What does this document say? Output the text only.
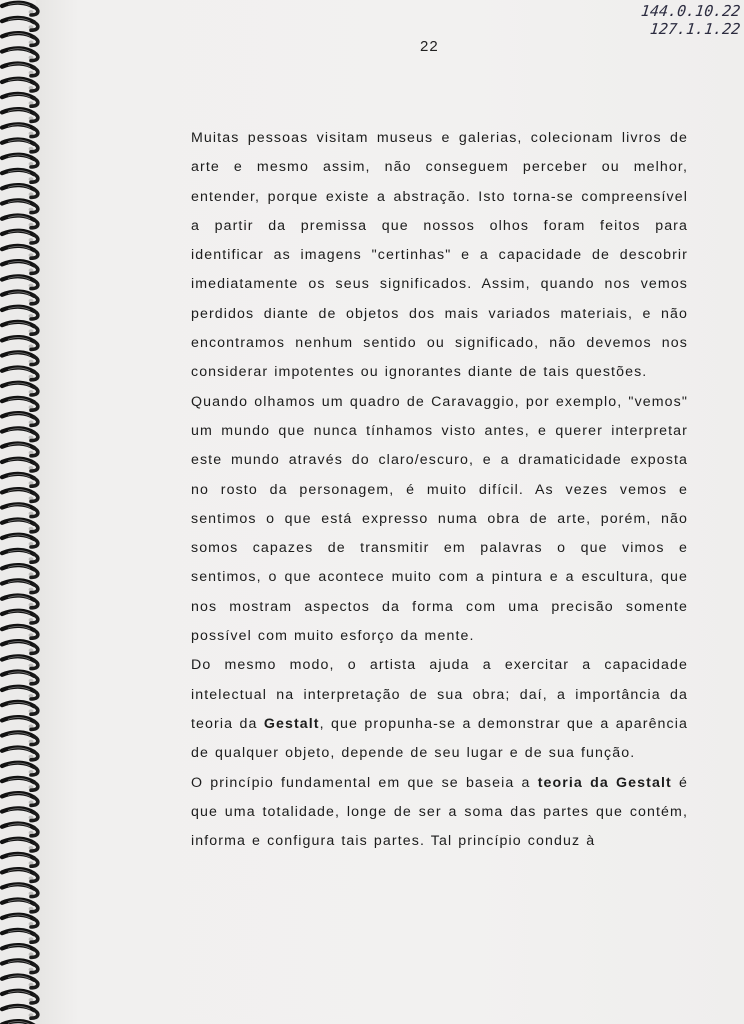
22

Muitas pessoas visitam museus e galerias, colecionam livros de arte e mesmo assim, não conseguem perceber ou melhor, entender, porque existe a abstração. Isto torna-se compreensível a partir da premissa que nossos olhos foram feitos para identificar as imagens "certinhas" e a capacidade de descobrir imediatamente os seus significados. Assim, quando nos vemos perdidos diante de objetos dos mais variados materiais, e não encontramos nenhum sentido ou significado, não devemos nos considerar impotentes ou ignorantes diante de tais questões.

Quando olhamos um quadro de Caravaggio, por exemplo, "vemos" um mundo que nunca tínhamos visto antes, e querer interpretar este mundo através do claro/escuro, e a dramaticidade exposta no rosto da personagem, é muito difícil. As vezes vemos e sentimos o que está expresso numa obra de arte, porém, não somos capazes de transmitir em palavras o que vimos e sentimos, o que acontece muito com a pintura e a escultura, que nos mostram aspectos da forma com uma precisão somente possível com muito esforço da mente.

Do mesmo modo, o artista ajuda a exercitar a capacidade intelectual na interpretação de sua obra; daí, a importância da teoria da Gestalt, que propunha-se a demonstrar que a aparência de qualquer objeto, depende de seu lugar e de sua função.

O princípio fundamental em que se baseia a teoria da Gestalt é que uma totalidade, longe de ser a soma das partes que contém, informa e configura tais partes. Tal princípio conduz à

144.0.10.22
127.1.1.22
